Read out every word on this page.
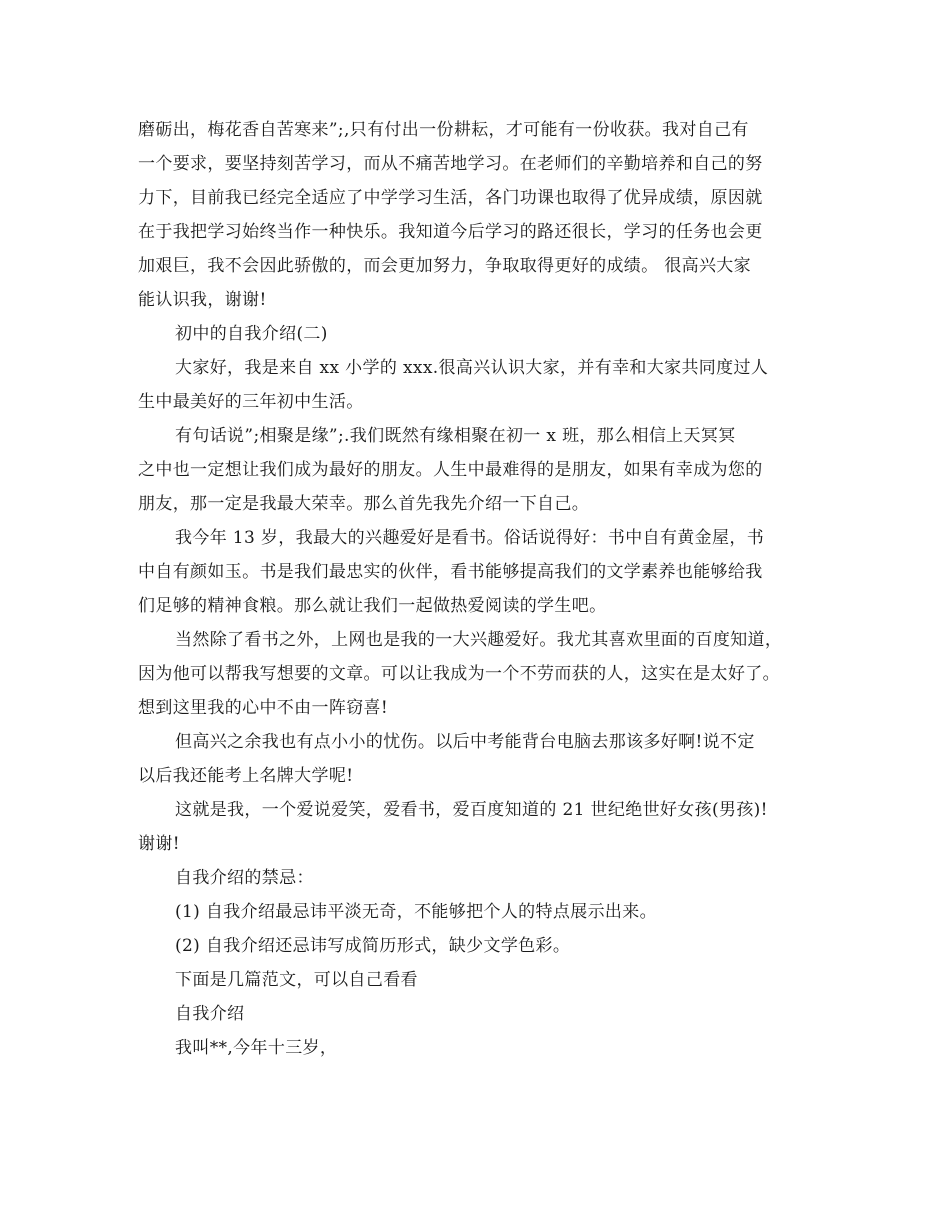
磨砺出，梅花香自苦寒来”;,只有付出一份耕耘，才可能有一份收获。我对自己有
一个要求，要坚持刻苦学习，而从不痛苦地学习。在老师们的辛勤培养和自己的努
力下，目前我已经完全适应了中学学习生活，各门功课也取得了优异成绩，原因就
在于我把学习始终当作一种快乐。我知道今后学习的路还很长，学习的任务也会更
加艰巨，我不会因此骄傲的，而会更加努力，争取取得更好的成绩。 很高兴大家
能认识我，谢谢!
初中的自我介绍(二)
大家好，我是来自 xx 小学的 xxx.很高兴认识大家，并有幸和大家共同度过人
生中最美好的三年初中生活。
有句话说”;相聚是缘”;.我们既然有缘相聚在初一 x 班，那么相信上天冥冥
之中也一定想让我们成为最好的朋友。人生中最难得的是朋友，如果有幸成为您的
朋友，那一定是我最大荣幸。那么首先我先介绍一下自己。
我今年 13 岁，我最大的兴趣爱好是看书。俗话说得好：书中自有黄金屋，书
中自有颜如玉。书是我们最忠实的伙伴，看书能够提高我们的文学素养也能够给我
们足够的精神食粮。那么就让我们一起做热爱阅读的学生吧。
当然除了看书之外，上网也是我的一大兴趣爱好。我尤其喜欢里面的百度知道，
因为他可以帮我写想要的文章。可以让我成为一个不劳而获的人，这实在是太好了。
想到这里我的心中不由一阵窃喜!
但高兴之余我也有点小小的忧伤。以后中考能背台电脑去那该多好啊!说不定
以后我还能考上名牌大学呢!
这就是我，一个爱说爱笑，爱看书，爱百度知道的 21 世纪绝世好女孩(男孩)!
谢谢!
自我介绍的禁忌：
(1) 自我介绍最忌讳平淡无奇，不能够把个人的特点展示出来。
(2) 自我介绍还忌讳写成简历形式，缺少文学色彩。
下面是几篇范文，可以自己看看
自我介绍
我叫**,今年十三岁，
